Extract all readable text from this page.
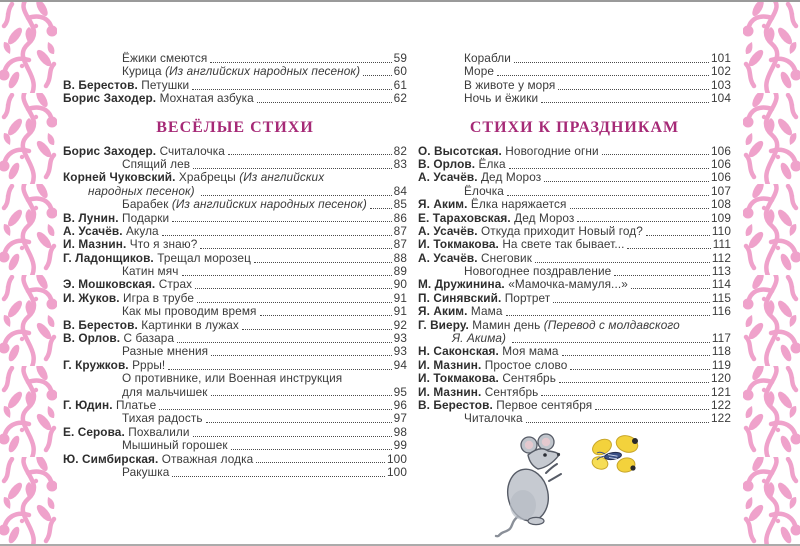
Ёжики смеются	59
Курица (Из английских народных песенок)	60
В. Берестов. Петушки	61
Борис Заходер. Мохнатая азбука	62
ВЕСЁЛЫЕ СТИХИ
Борис Заходер. Считалочка	82
Спящий лев	83
Корней Чуковский. Храбрецы (Из английских
народных песенок)	84
Барабек (Из английских народных песенок) 85
В. Лунин. Подарки	86
А. Усачёв. Акула	87
И. Мазнин. Что я знаю?	87
Г. Ладонщиков. Трещал морозец	88
Катин мяч	89
Э. Мошковская. Страх	90
И. Жуков. Игра в трубе	91
Как мы проводим время	91
В. Берестов. Картинки в лужах	92
В. Орлов. С базара	93
Разные мнения	93
Г. Кружков. Ррры!	94
О противнике, или Военная инструкция
для мальчишек	95
Г. Юдин. Платье	96
Тихая радость	97
Е. Серова. Похвалили	98
Мышиный горошек	99
Ю. Симбирская. Отважная лодка	100
Ракушка	100
Корабли	101
Море	102
В животе у моря	103
Ночь и ёжики	104
СТИХИ К ПРАЗДНИКАМ
О. Высотская. Новогодние огни	106
В. Орлов. Ёлка	106
А. Усачёв. Дед Мороз	106
Ёлочка	107
Я. Аким. Ёлка наряжается	108
Е. Тараховская. Дед Мороз	109
А. Усачёв. Откуда приходит Новый год?	110
И. Токмакова. На свете так бывает...	111
А. Усачёв. Снеговик	112
Новогоднее поздравление	113
М. Дружинина. «Мамочка-мамуля...»	114
П. Синявский. Портрет	115
Я. Аким. Мама	116
Г. Виеру. Мамин день (Перевод с молдавского
Я. Акима)	117
Н. Саконская. Моя мама	118
И. Мазнин. Простое слово	119
И. Токмакова. Сентябрь	120
И. Мазнин. Сентябрь	121
В. Берестов. Первое сентября	122
Читалочка	122
